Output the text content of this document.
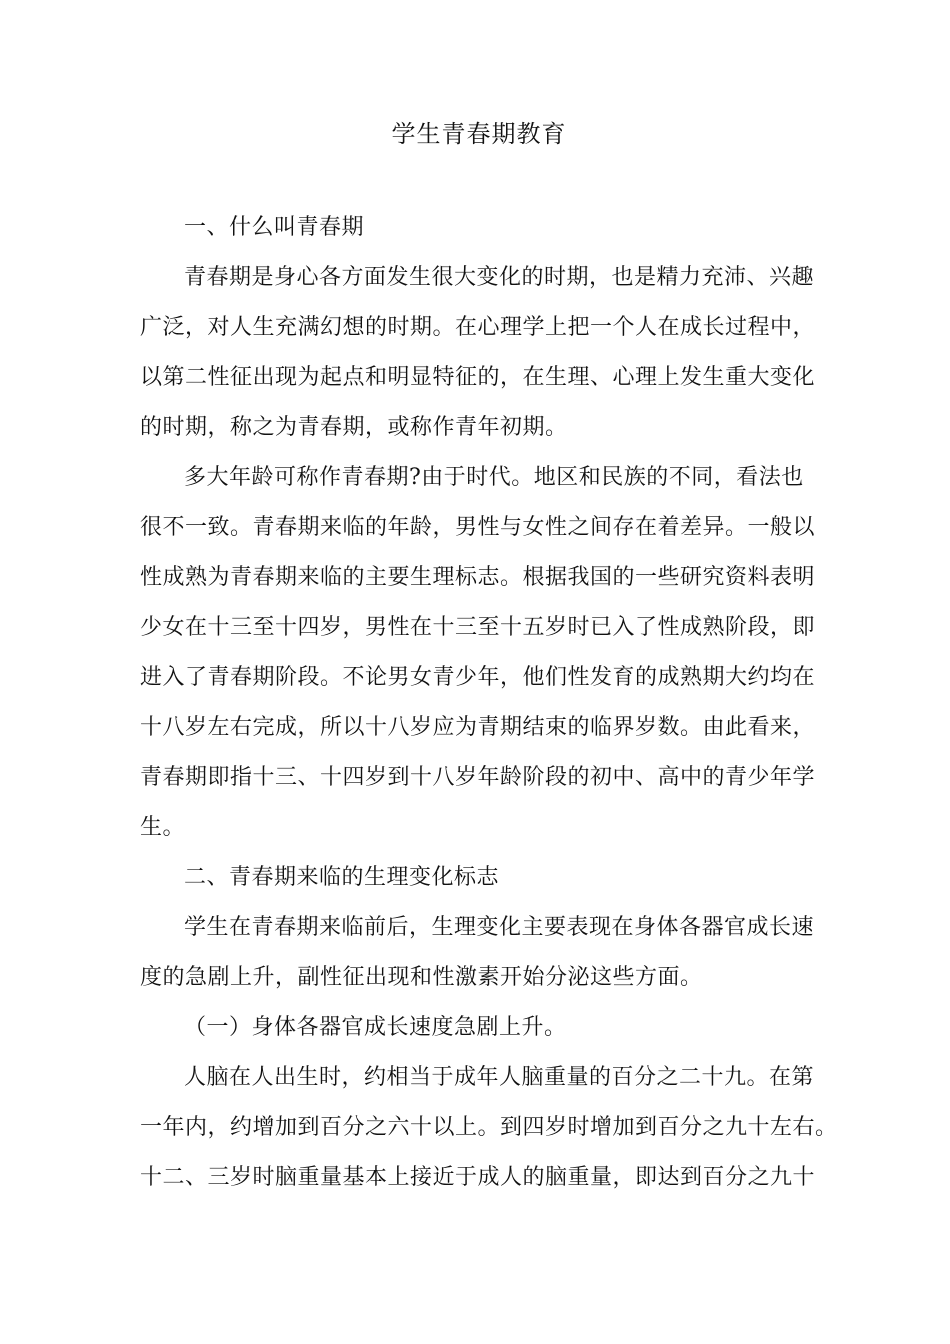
学生青春期教育

一、什么叫青春期

青春期是身心各方面发生很大变化的时期，也是精力充沛、兴趣

广泛，对人生充满幻想的时期。在心理学上把一个人在成长过程中，

以第二性征出现为起点和明显特征的，在生理、心理上发生重大变化

的时期，称之为青春期，或称作青年初期。

多大年龄可称作青春期?由于时代。地区和民族的不同，看法也

很不一致。青春期来临的年龄，男性与女性之间存在着差异。一般以

性成熟为青春期来临的主要生理标志。根据我国的一些研究资料表明

少女在十三至十四岁，男性在十三至十五岁时已入了性成熟阶段，即

进入了青春期阶段。不论男女青少年，他们性发育的成熟期大约均在

十八岁左右完成，所以十八岁应为青期结束的临界岁数。由此看来，

青春期即指十三、十四岁到十八岁年龄阶段的初中、高中的青少年学

生。

二、青春期来临的生理变化标志

学生在青春期来临前后，生理变化主要表现在身体各器官成长速

度的急剧上升，副性征出现和性激素开始分泌这些方面。

（一）身体各器官成长速度急剧上升。

人脑在人出生时，约相当于成年人脑重量的百分之二十九。在第

一年内，约增加到百分之六十以上。到四岁时增加到百分之九十左右。

十二、三岁时脑重量基本上接近于成人的脑重量，即达到百分之九十
